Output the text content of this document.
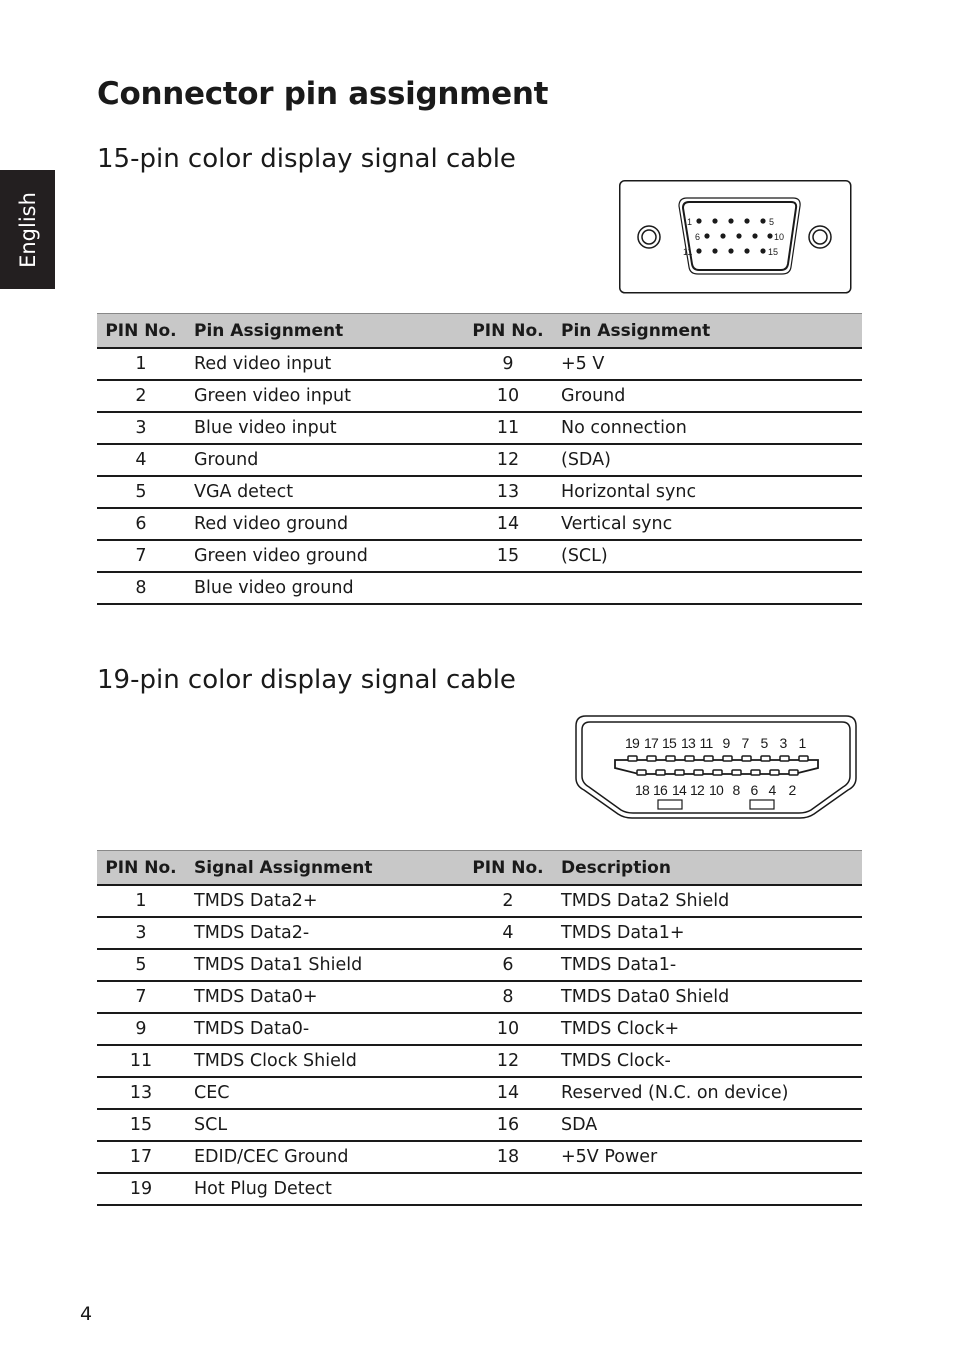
English
Connector pin assignment
15-pin color display signal cable
1	5
6	10
11	15
PIN No.	Pin Assignment	PIN No.	Pin Assignment
1	Red video input	9	+5 V
2	Green video input	10	Ground
3	Blue video input	11	No connection
4	Ground	12	(SDA)
5	VGA detect	13	Horizontal sync
6	Red video ground	14	Vertical sync
7	Green video ground	15	(SCL)
8	Blue video ground		
19-pin color display signal cable
19 17 15 13 11 9 7 5 3 1
18 16 14 12 10 8 6 4 2
PIN No.	Signal Assignment	PIN No.	Description
1	TMDS Data2+	2	TMDS Data2 Shield
3	TMDS Data2-	4	TMDS Data1+
5	TMDS Data1 Shield	6	TMDS Data1-
7	TMDS Data0+	8	TMDS Data0 Shield
9	TMDS Data0-	10	TMDS Clock+
11	TMDS Clock Shield	12	TMDS Clock-
13	CEC	14	Reserved (N.C. on device)
15	SCL	16	SDA
17	EDID/CEC Ground	18	+5V Power
19	Hot Plug Detect		
4
